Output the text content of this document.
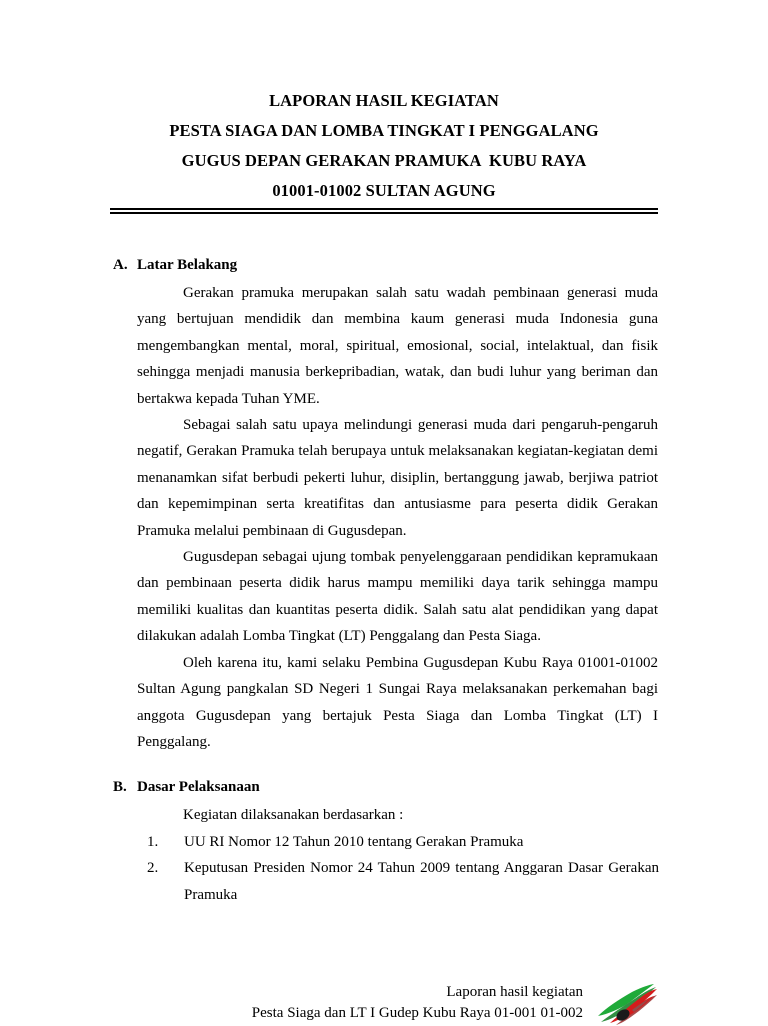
LAPORAN HASIL KEGIATAN
PESTA SIAGA DAN LOMBA TINGKAT I PENGGALANG
GUGUS DEPAN GERAKAN PRAMUKA  KUBU RAYA
01001-01002 SULTAN AGUNG
A. Latar Belakang

Gerakan pramuka merupakan salah satu wadah pembinaan generasi muda yang bertujuan mendidik dan membina kaum generasi muda Indonesia guna mengembangkan mental, moral, spiritual, emosional, social, intelaktual, dan fisik sehingga menjadi manusia berkepribadian, watak, dan budi luhur yang beriman dan bertakwa kepada Tuhan YME.

Sebagai salah satu upaya melindungi generasi muda dari pengaruh-pengaruh negatif, Gerakan Pramuka telah berupaya untuk melaksanakan kegiatan-kegiatan demi menanamkan sifat berbudi pekerti luhur, disiplin, bertanggung jawab, berjiwa patriot dan kepemimpinan serta kreatifitas dan antusiasme para peserta didik Gerakan Pramuka melalui pembinaan di Gugusdepan.

Gugusdepan sebagai ujung tombak penyelenggaraan pendidikan kepramukaan dan pembinaan peserta didik harus mampu memiliki daya tarik sehingga mampu memiliki kualitas dan kuantitas peserta didik. Salah satu alat pendidikan yang dapat dilakukan adalah Lomba Tingkat (LT) Penggalang dan Pesta Siaga.

Oleh karena itu, kami selaku Pembina Gugusdepan Kubu Raya 01001-01002 Sultan Agung pangkalan SD Negeri 1 Sungai Raya melaksanakan perkemahan bagi anggota Gugusdepan yang bertajuk Pesta Siaga dan Lomba Tingkat (LT) I Penggalang.

B. Dasar Pelaksanaan
Kegiatan dilaksanakan berdasarkan :
1.	UU RI Nomor 12 Tahun 2010 tentang Gerakan Pramuka
2.	Keputusan Presiden Nomor 24 Tahun 2009 tentang Anggaran Dasar Gerakan Pramuka
Laporan hasil kegiatan
Pesta Siaga dan LT I Gudep Kubu Raya 01-001 01-002
